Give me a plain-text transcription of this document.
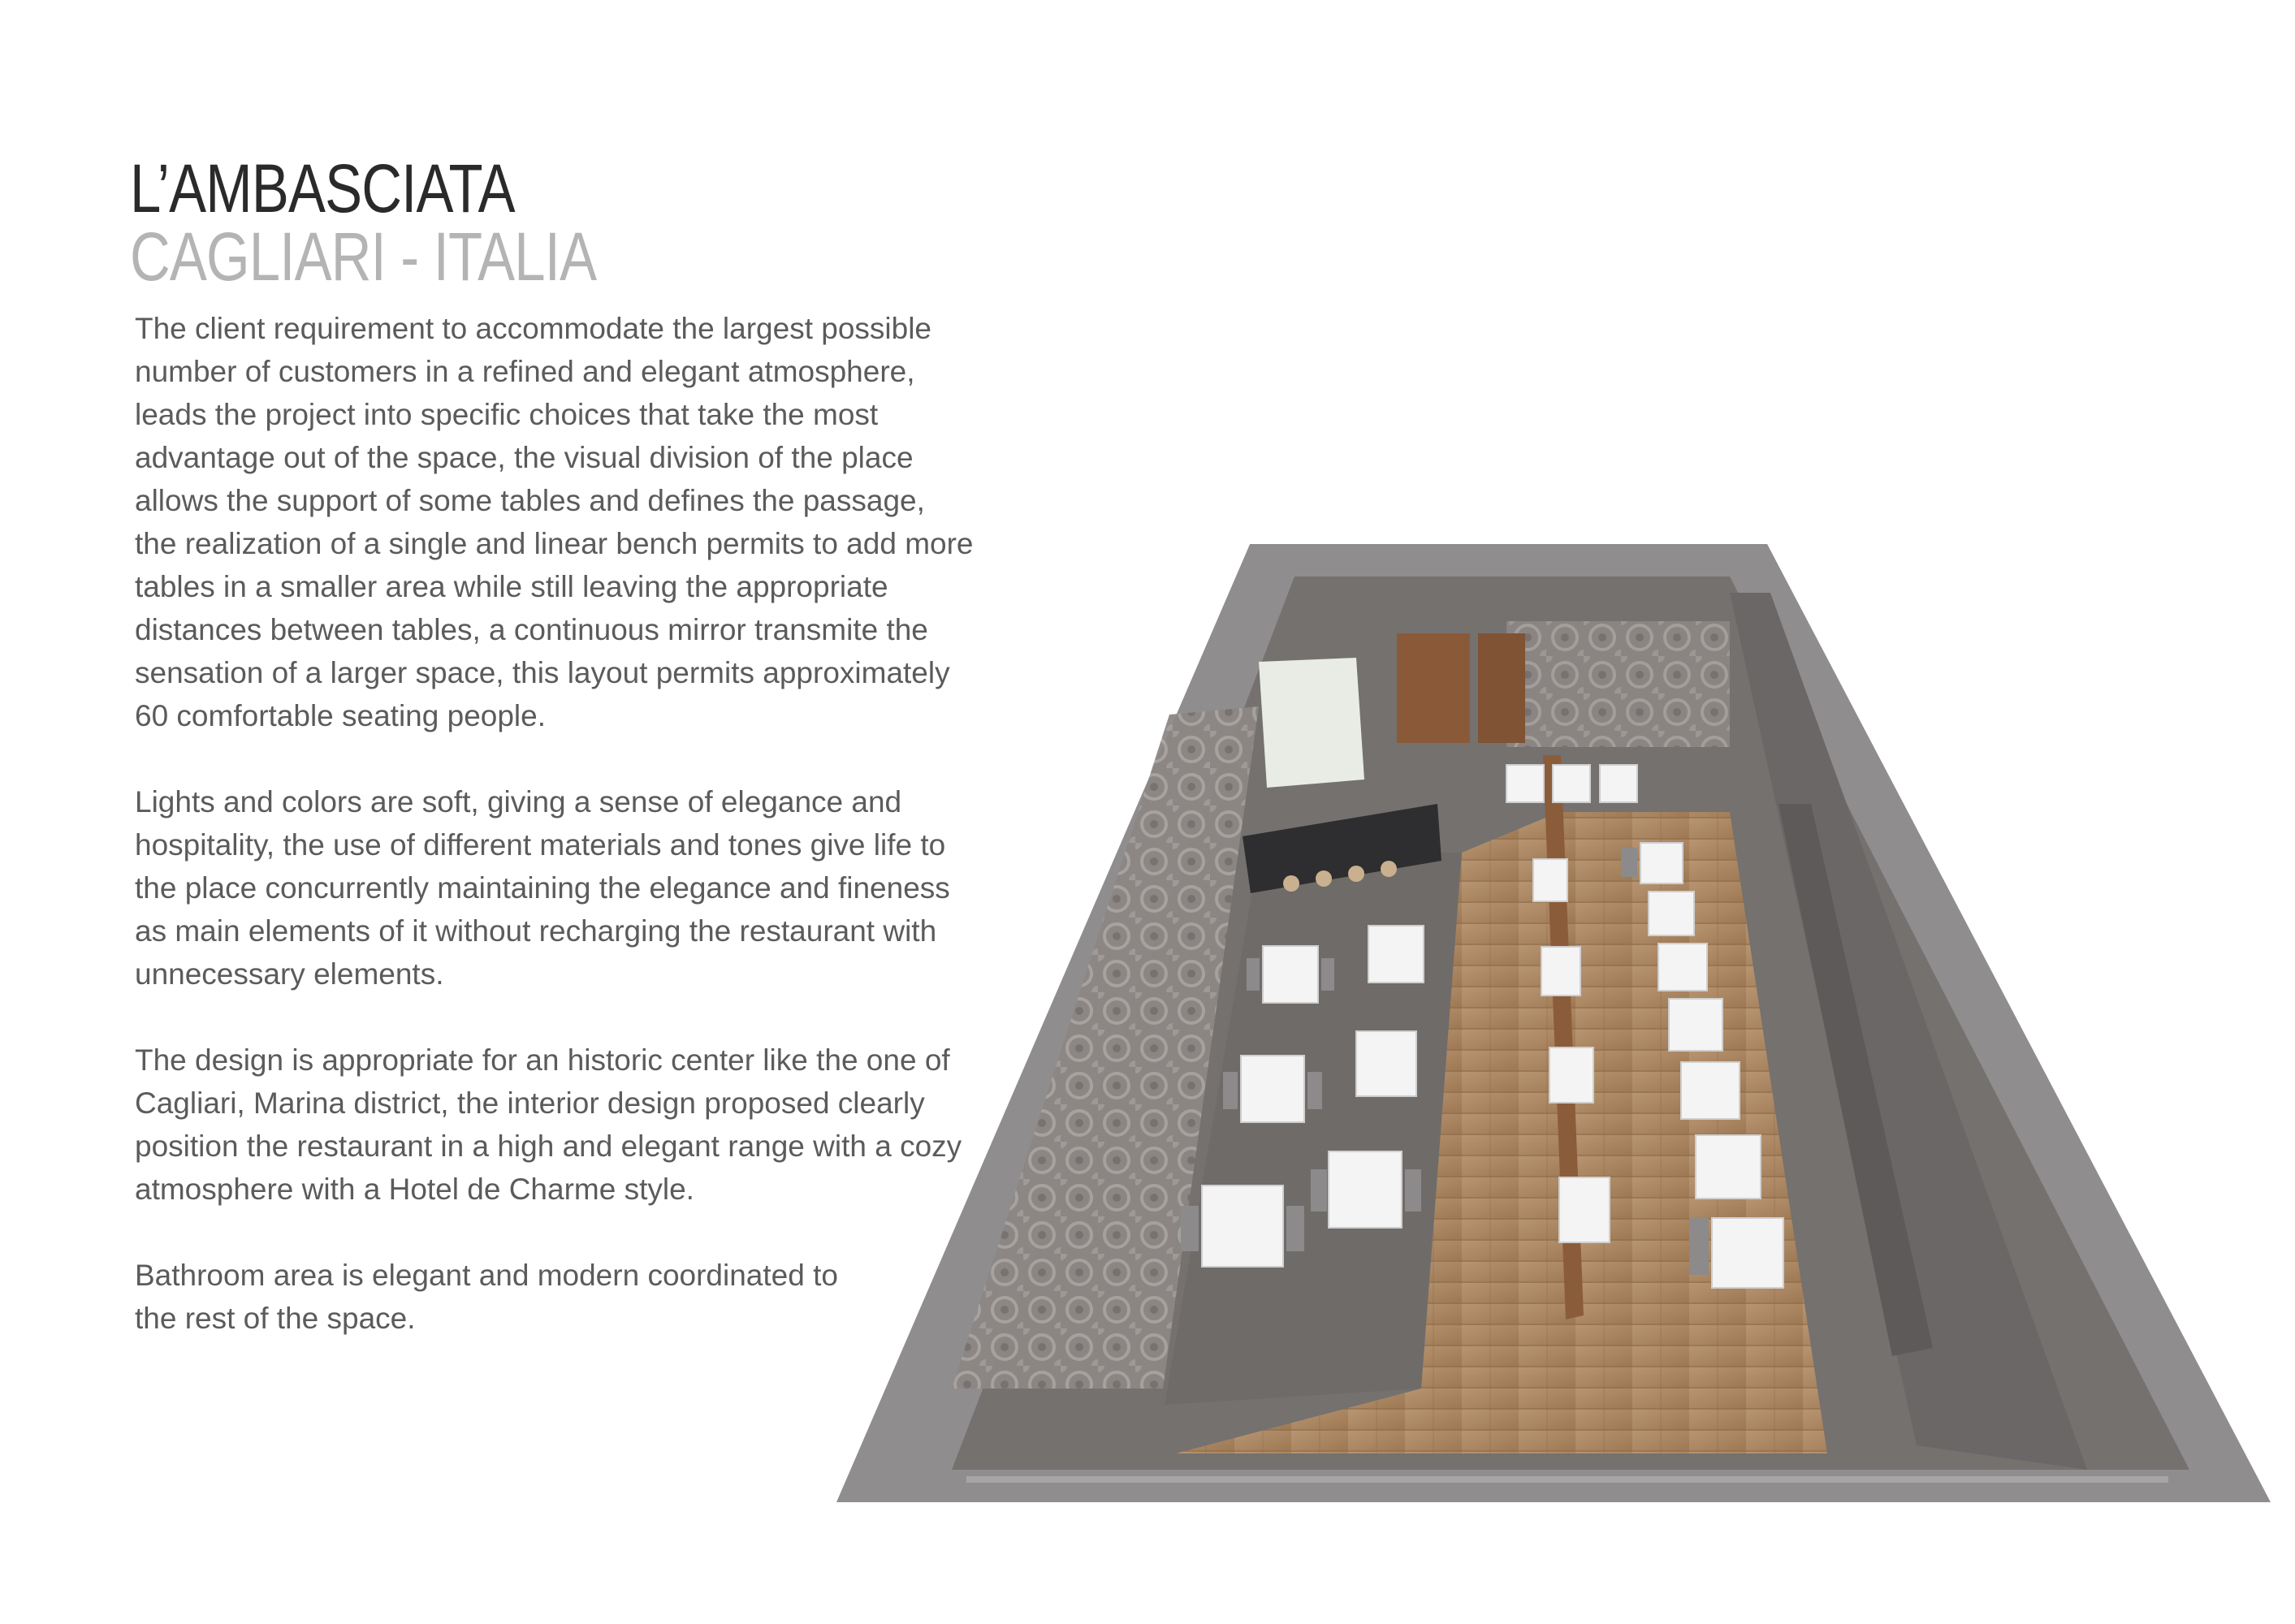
L’AMBASCIATA
CAGLIARI - ITALIA

The client requirement to accommodate the largest possible
number of customers in a refined and elegant atmosphere,
leads the project into specific choices that take the most
advantage out of the space, the visual division of the place
allows the support of some tables and defines the passage,
the realization of a single and linear bench permits to add more
tables in a smaller area while still leaving the appropriate
distances between tables, a continuous mirror transmite the
sensation of a larger space, this layout permits approximately
60 comfortable seating people.

Lights and colors are soft, giving a sense of elegance and
hospitality, the use of different materials and tones give life to
the place concurrently maintaining the elegance and fineness
as main elements of it without recharging the restaurant with
unnecessary elements.

The design is appropriate for an historic center like the one of
Cagliari, Marina district, the interior design proposed clearly
position the restaurant in a high and elegant range with a cozy
atmosphere with a Hotel de Charme style.

Bathroom area is elegant and modern coordinated to
the rest of the space.
